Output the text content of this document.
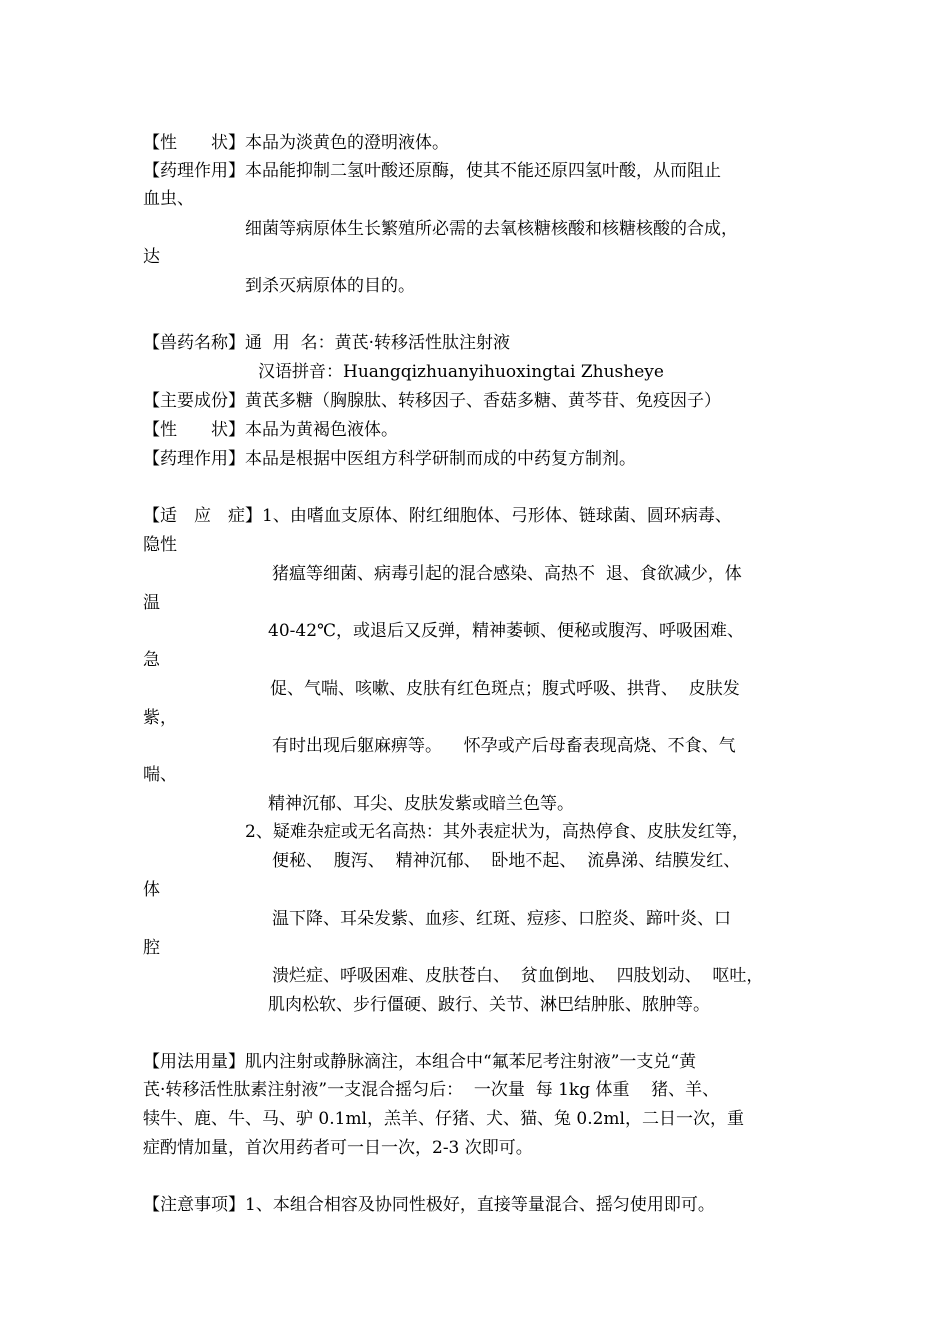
【性　　状】本品为淡黄色的澄明液体。
【药理作用】本品能抑制二氢叶酸还原酶，使其不能还原四氢叶酸，从而阻止
血虫、
细菌等病原体生长繁殖所必需的去氧核糖核酸和核糖核酸的合成，
达
到杀灭病原体的目的。
【兽药名称】通  用  名：黄芪·转移活性肽注射液
汉语拼音：Huangqizhuanyihuoxingtai Zhusheye
【主要成份】黄芪多糖（胸腺肽、转移因子、香菇多糖、黄芩苷、免疫因子）
【性　　状】本品为黄褐色液体。
【药理作用】本品是根据中医组方科学研制而成的中药复方制剂。
【适　应　症】1、由嗜血支原体、附红细胞体、弓形体、链球菌、圆环病毒、
隐性
猪瘟等细菌、病毒引起的混合感染、高热不  退、食欲减少，体
温
40-42℃，或退后又反弹，精神萎顿、便秘或腹泻、呼吸困难、
急
促、气喘、咳嗽、皮肤有红色斑点；腹式呼吸、拱背、  皮肤发
紫，
有时出现后躯麻痹等。    怀孕或产后母畜表现高烧、不食、气
喘、
精神沉郁、耳尖、皮肤发紫或暗兰色等。
2、疑难杂症或无名高热：其外表症状为，高热停食、皮肤发红等，
便秘、  腹泻、  精神沉郁、  卧地不起、  流鼻涕、结膜发红、
体
温下降、耳朵发紫、血疹、红斑、痘疹、口腔炎、蹄叶炎、口
腔
溃烂症、呼吸困难、皮肤苍白、  贫血倒地、  四肢划动、  呕吐，
肌肉松软、步行僵硬、跛行、关节、淋巴结肿胀、脓肿等。
【用法用量】肌内注射或静脉滴注，本组合中“氟苯尼考注射液”一支兑“黄
芪·转移活性肽素注射液”一支混合摇匀后：  一次量  每 1kg 体重    猪、羊、
犊牛、鹿、牛、马、驴 0.1ml，羔羊、仔猪、犬、猫、兔 0.2ml，二日一次，重
症酌情加量，首次用药者可一日一次，2-3 次即可。
【注意事项】1、本组合相容及协同性极好，直接等量混合、摇匀使用即可。
